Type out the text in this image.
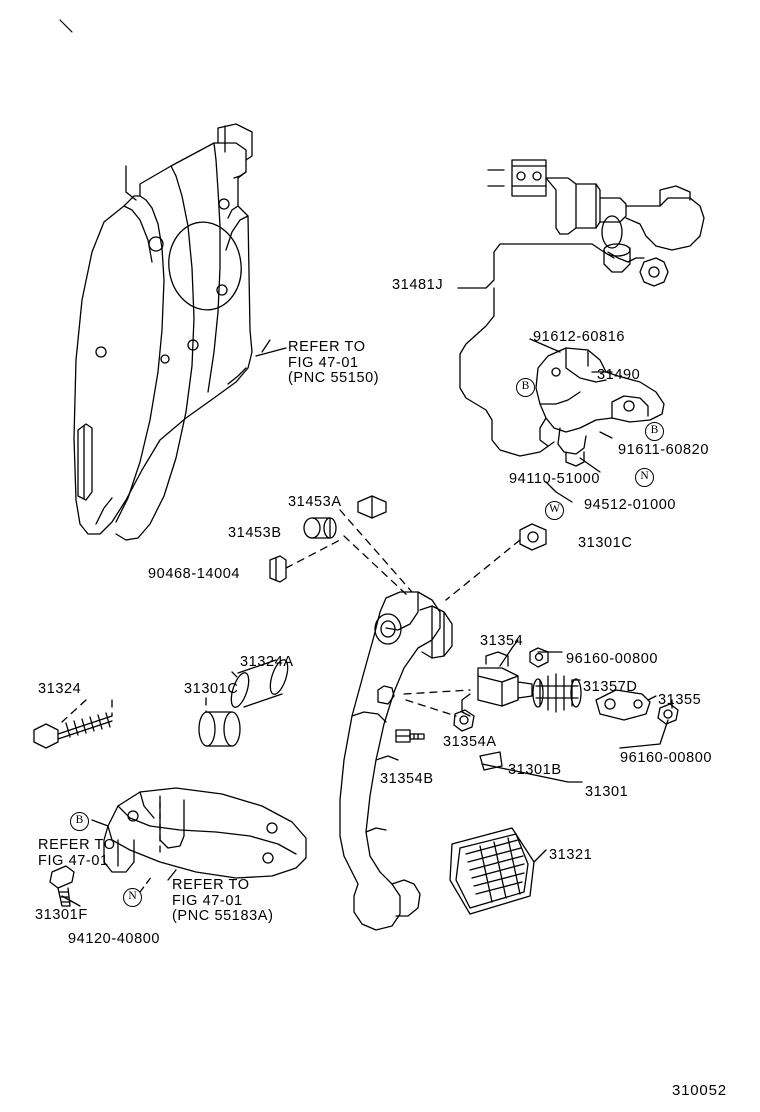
REFER TO
FIG 47-01
(PNC 55150)
31481J
91612-60816
31490
91611-60820
94110-51000
94512-01000
31453A
31453B
90468-14004
31301C
31354
96160-00800
31357D
31355
96160-00800
31324A
31301C
31324
31354A
31354B
31301B
31301
31321
REFER TO
FIG 47-01
REFER TO
FIG 47-01
(PNC 55183A)
31301F
94120-40800
B
B
N
W
B
N
310052
